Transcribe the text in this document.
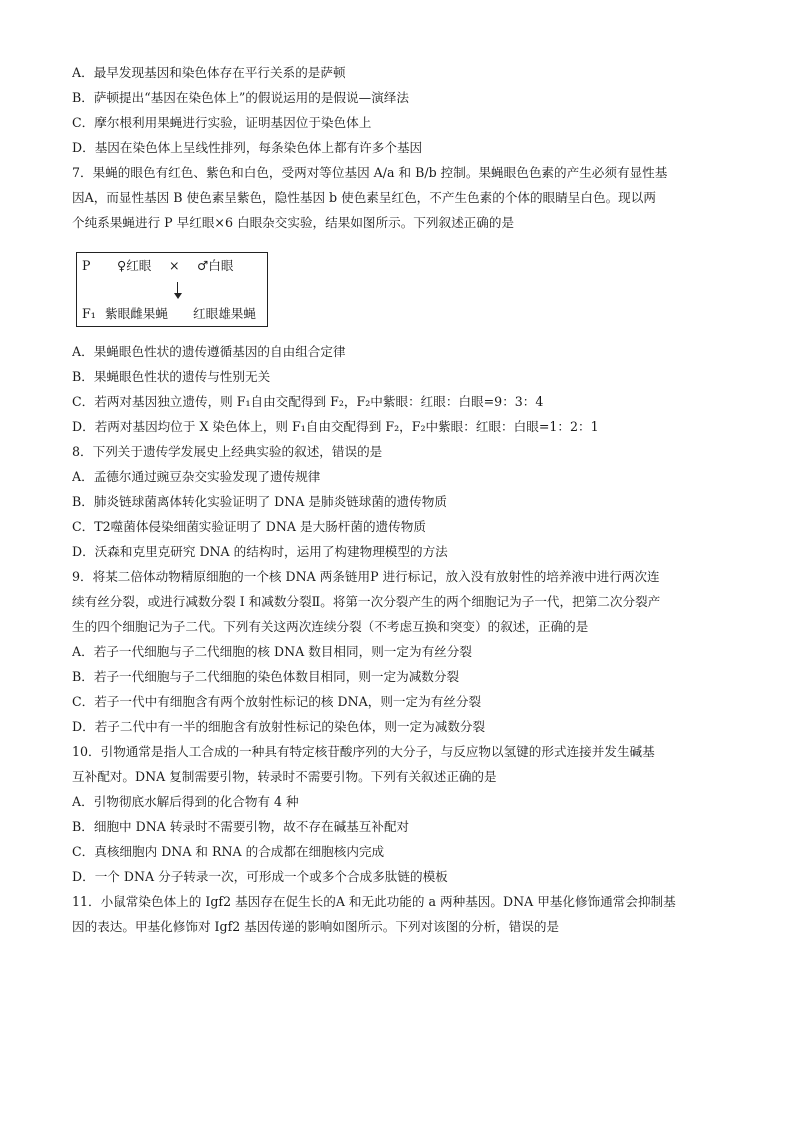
A．最早发现基因和染色体存在平行关系的是萨顿
B．萨顿提出“基因在染色体上”的假说运用的是假说—演绎法
C．摩尔根利用果蝇进行实验，证明基因位于染色体上
D．基因在染色体上呈线性排列，每条染色体上都有许多个基因
7．果蝇的眼色有红色、紫色和白色，受两对等位基因 A/a 和 B/b 控制。果蝇眼色色素的产生必须有显性基
因A，而显性基因 B 使色素呈紫色，隐性基因 b 使色素呈红色，不产生色素的个体的眼睛呈白色。现以两
个纯系果蝇进行 P 早红眼×6 白眼杂交实验，结果如图所示。下列叙述正确的是
P ♀红眼 × ♂白眼
F₁ 紫眼雌果蝇 红眼雄果蝇
A．果蝇眼色性状的遗传遵循基因的自由组合定律
B．果蝇眼色性状的遗传与性别无关
C．若两对基因独立遗传，则 F₁自由交配得到 F₂，F₂中紫眼：红眼：白眼=9：3：4
D．若两对基因均位于 X 染色体上，则 F₁自由交配得到 F₂，F₂中紫眼：红眼：白眼=1：2：1
8．下列关于遗传学发展史上经典实验的叙述，错误的是
A．孟德尔通过豌豆杂交实验发现了遗传规律
B．肺炎链球菌离体转化实验证明了 DNA 是肺炎链球菌的遗传物质
C．T2噬菌体侵染细菌实验证明了 DNA 是大肠杆菌的遗传物质
D．沃森和克里克研究 DNA 的结构时，运用了构建物理模型的方法
9．将某二倍体动物精原细胞的一个核 DNA 两条链用P 进行标记，放入没有放射性的培养液中进行两次连
续有丝分裂，或进行减数分裂 I 和减数分裂Ⅱ。将第一次分裂产生的两个细胞记为子一代，把第二次分裂产
生的四个细胞记为子二代。下列有关这两次连续分裂（不考虑互换和突变）的叙述，正确的是
A．若子一代细胞与子二代细胞的核 DNA 数目相同，则一定为有丝分裂
B．若子一代细胞与子二代细胞的染色体数目相同，则一定为减数分裂
C．若子一代中有细胞含有两个放射性标记的核 DNA，则一定为有丝分裂
D．若子二代中有一半的细胞含有放射性标记的染色体，则一定为减数分裂
10．引物通常是指人工合成的一种具有特定核苷酸序列的大分子，与反应物以氢键的形式连接并发生碱基
互补配对。DNA 复制需要引物，转录时不需要引物。下列有关叙述正确的是
A．引物彻底水解后得到的化合物有 4 种
B．细胞中 DNA 转录时不需要引物，故不存在碱基互补配对
C．真核细胞内 DNA 和 RNA 的合成都在细胞核内完成
D．一个 DNA 分子转录一次，可形成一个或多个合成多肽链的模板
11．小鼠常染色体上的 Igf2 基因存在促生长的A 和无此功能的 a 两种基因。DNA 甲基化修饰通常会抑制基
因的表达。甲基化修饰对 Igf2 基因传递的影响如图所示。下列对该图的分析，错误的是
